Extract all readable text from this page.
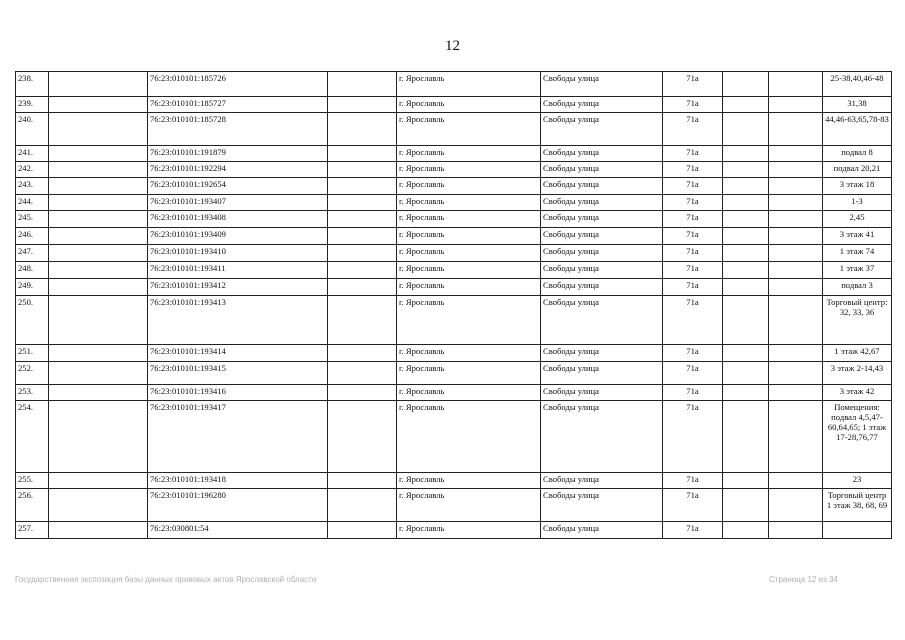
12
238.		76:23:010101:185726		г. Ярославль	Свободы улица	71а			25-38,40,46-48
239.		76:23:010101:185727		г. Ярославль	Свободы улица	71а			31,38
240.		76:23:010101:185728		г. Ярославль	Свободы улица	71а			44,46-63,65,78-83
241.		76:23:010101:191879		г. Ярославль	Свободы улица	71а			подвал 8
242.		76:23:010101:192294		г. Ярославль	Свободы улица	71а			подвал 20,21
243.		76:23:010101:192654		г. Ярославль	Свободы улица	71а			3 этаж 18
244.		76:23:010101:193407		г. Ярославль	Свободы улица	71а			1-3
245.		76:23:010101:193408		г. Ярославль	Свободы улица	71а			2,45
246.		76:23:010101:193409		г. Ярославль	Свободы улица	71а			3 этаж 41
247.		76:23:010101:193410		г. Ярославль	Свободы улица	71а			1 этаж 74
248.		76:23:010101:193411		г. Ярославль	Свободы улица	71а			1 этаж 37
249.		76:23:010101:193412		г. Ярославль	Свободы улица	71а			подвал 3
250.		76:23:010101:193413		г. Ярославль	Свободы улица	71а			Торговый центр: 32, 33, 36
251.		76:23:010101:193414		г. Ярославль	Свободы улица	71а			1 этаж 42,67
252.		76:23:010101:193415		г. Ярославль	Свободы улица	71а			3 этаж 2-14,43
253.		76:23:010101:193416		г. Ярославль	Свободы улица	71а			3 этаж 42
254.		76:23:010101:193417		г. Ярославль	Свободы улица	71а			Помещения: подвал 4,5,47-60,64,65; 1 этаж 17-28,76,77
255.		76:23:010101:193418		г. Ярославль	Свободы улица	71а			23
256.		76:23:010101:196280		г. Ярославль	Свободы улица	71а			Торговый центр 1 этаж 38, 68, 69
257.		76:23:030801:54		г. Ярославль	Свободы улица	71а			
Государственная экспозиция базы данных правовых актов Ярославской области	Страница 12 из 34
